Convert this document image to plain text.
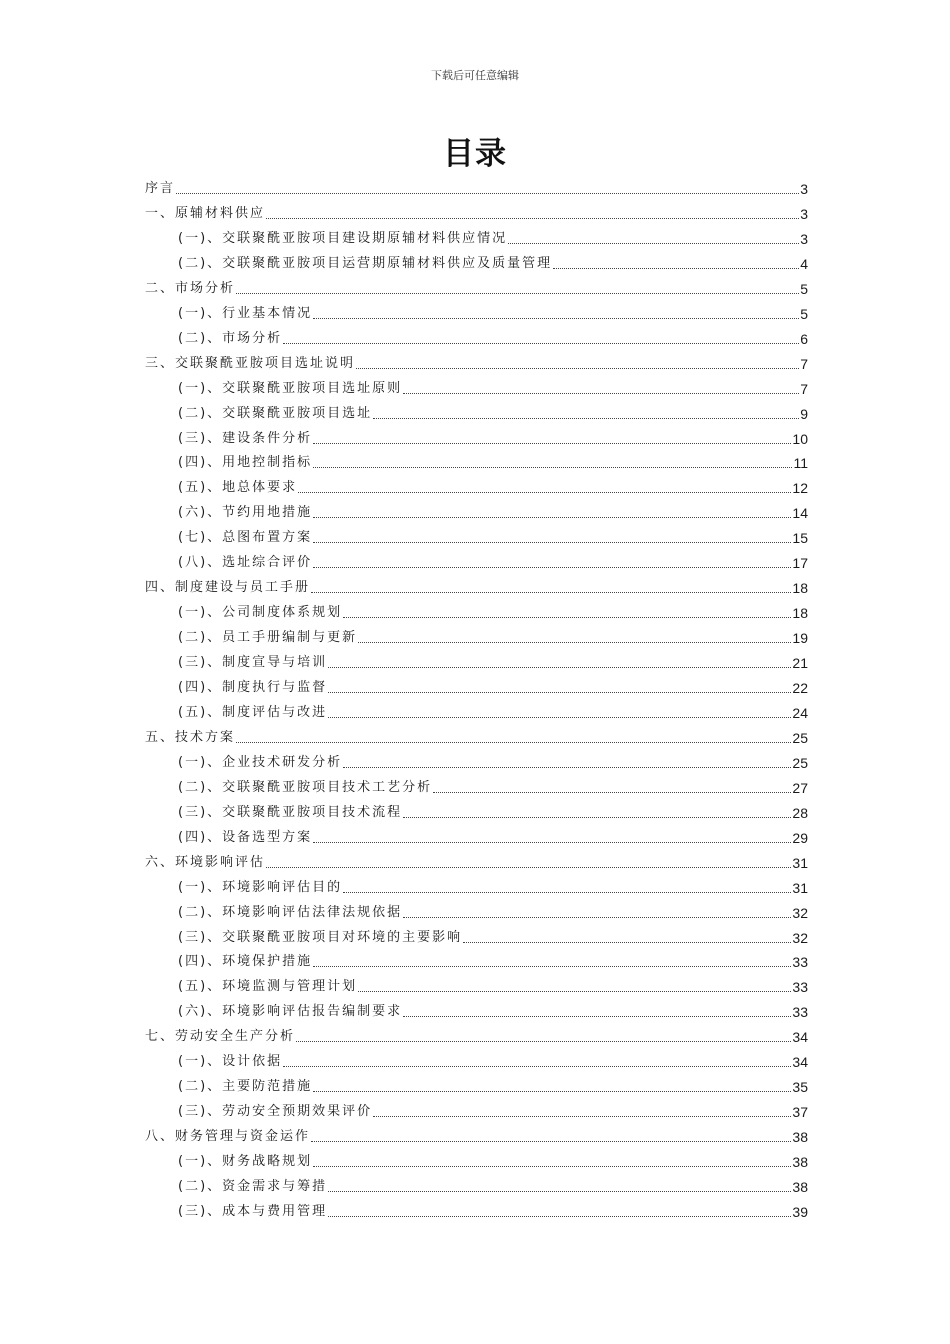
下载后可任意编辑
目录
序言	3
一、原辅材料供应	3
(一)、交联聚酰亚胺项目建设期原辅材料供应情况	3
(二)、交联聚酰亚胺项目运营期原辅材料供应及质量管理	4
二、市场分析	5
(一)、行业基本情况	5
(二)、市场分析	6
三、交联聚酰亚胺项目选址说明	7
(一)、交联聚酰亚胺项目选址原则	7
(二)、交联聚酰亚胺项目选址	9
(三)、建设条件分析	10
(四)、用地控制指标	11
(五)、地总体要求	12
(六)、节约用地措施	14
(七)、总图布置方案	15
(八)、选址综合评价	17
四、制度建设与员工手册	18
(一)、公司制度体系规划	18
(二)、员工手册编制与更新	19
(三)、制度宣导与培训	21
(四)、制度执行与监督	22
(五)、制度评估与改进	24
五、技术方案	25
(一)、企业技术研发分析	25
(二)、交联聚酰亚胺项目技术工艺分析	27
(三)、交联聚酰亚胺项目技术流程	28
(四)、设备选型方案	29
六、环境影响评估	31
(一)、环境影响评估目的	31
(二)、环境影响评估法律法规依据	32
(三)、交联聚酰亚胺项目对环境的主要影响	32
(四)、环境保护措施	33
(五)、环境监测与管理计划	33
(六)、环境影响评估报告编制要求	33
七、劳动安全生产分析	34
(一)、设计依据	34
(二)、主要防范措施	35
(三)、劳动安全预期效果评价	37
八、财务管理与资金运作	38
(一)、财务战略规划	38
(二)、资金需求与筹措	38
(三)、成本与费用管理	39
